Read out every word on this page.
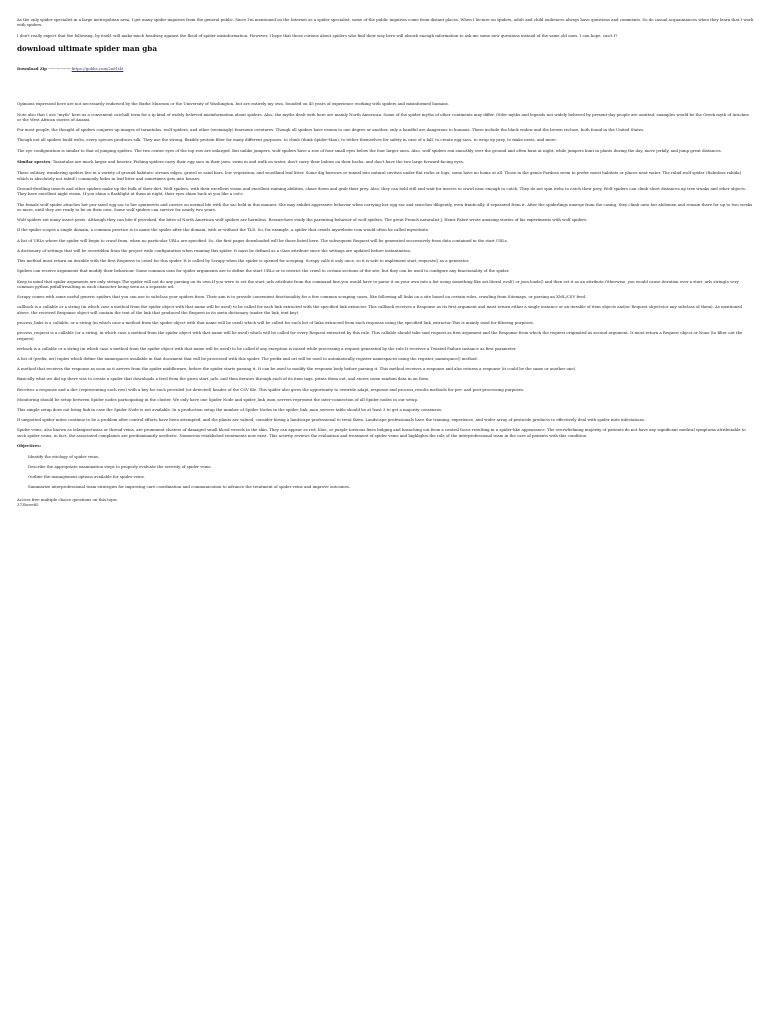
As the only spider specialist in a large metropolitan area, I get many spider inquiries from the general public. Since I'm mentioned on the Internet as a spider specialist, some of the public inquiries come from distant places. When I lecture on spiders, adult and child audiences always have questions and comments. So do casual acquaintances when they learn that I work with spiders.

I don't really expect that the following, by itself, will make much headway against the flood of spider misinformation. However, I hope that those curious about spiders who find their way here will absorb enough information to ask me some new questions instead of the same old ones. I can hope, can't I?

download ultimate spider man gba
Download Zip ⟶⟶⟶⟶ https://gohhs.com/2a81i4t

Opinions expressed here are not necessarily endorsed by the Burke Museum or the University of Washington, but are entirely my own, founded on 45 years of experience working with spiders and misinformed humans.

Note also that I use "myth" here as a convenient catchall term for a ip kind of widely believed misinformation about spiders. Also, the myths dealt with here are mainly North American. Some of the spider myths of other continents may differ. Older myths and legends not widely believed by present-day people are omitted: examples would be the Greek myth of Arachne or the West African stories of Anansi.

For most people, the thought of spiders conjures up images of tarantulas, wolf spiders, and other (seemingly) fearsome creatures. Though all spiders have venom to one degree or another, only a handful are dangerous to humans. These include the black widow and the brown recluse, both found in the United States.

Though not all spiders build webs, every species produces silk. They use the strong, flexible protein fiber for many different purposes: to climb (think Spider-Man), to tether themselves for safety in case of a fall, to create egg sacs, to wrap up prey, to make nests, and more.

The eye configuration is similar to that of jumping spiders. The two center eyes of the top row are enlarged. But unlike jumpers, wolf spiders have a row of four small eyes below the four larger ones. Also, wolf spiders run smoothly over the ground and often hunt at night, while jumpers hunt in plants during the day, move jerkily, and jump great distances.

Similar species: Tarantulas are much larger and heavier. Fishing spiders carry their egg sacs in their jaws, swim in and walk on water, don't carry their babies on their backs, and don't have the two large forward-facing eyes.

These solitary, wandering spiders live in a variety of ground habitats: stream edges, gravel or sand bars, low vegetation, and woodland leaf litter. Some dig burrows or tunnel into natural cavities under flat rocks or logs; some have no home at all. Those in the genus Pardosa seem to prefer moist habitats or places near water. The rabid wolf spider (Rabidosa rabida) which is absolutely not rabid!) commonly hides in leaf litter and sometimes gets into houses.

Ground-dwelling insects and other spiders make up the bulk of their diet. Wolf spiders, with their excellent vision and excellent running abilities, chase down and grab their prey. Also, they can hold still and wait for insects to crawl near enough to catch. They do not spin webs to catch their prey. Wolf spiders can climb short distances up tree trunks and other objects. They have excellent night vision. If you shine a flashlight at them at night, their eyes shine back at you like a cat's.

The female wolf spider attaches her pea-sized egg sac to her spinnerets and carries on normal life with the sac held in this manner. She may exhibit aggressive behavior when carrying her egg sac and searches diligently, even frantically, if separated from it. After the spiderlings emerge from the casing, they climb onto her abdomen and remain there for up to two weeks or more, until they are ready to be on their own. Some wolf spiders can survive for nearly two years.

Wolf spiders eat many insect pests. Although they can bite if provoked, the bites of North American wolf spiders are harmless. Researchers study the parenting behavior of wolf spiders. The great French naturalist J. Henri Fabre wrote amusing stories of his experiments with wolf spiders.

If the spider scopes a single domain, a common practice is to name the spider after the domain, with or without the TLD. So, for example, a spider that crawls mywebsite.com would often be called mywebsite.

A list of URLs where the spider will begin to crawl from, when no particular URLs are specified. So, the first pages downloaded will be those listed here. The subsequent Request will be generated successively from data contained in the start URLs.

A dictionary of settings that will be overridden from the project wide configuration when running this spider. It must be defined as a class attribute since the settings are updated before instantiation.

This method must return an iterable with the first Requests to crawl for this spider. It is called by Scrapy when the spider is opened for scraping. Scrapy calls it only once, so it is safe to implement start_requests() as a generator.

Spiders can receive arguments that modify their behaviour. Some common uses for spider arguments are to define the start URLs or to restrict the crawl to certain sections of the site, but they can be used to configure any functionality of the spider.

Keep in mind that spider arguments are only strings.The spider will not do any parsing on its own.If you were to set the start_urls attribute from the command line,you would have to parse it on your own into a list using something like ast.literal_eval() or json.loads() and then set it as an attribute.Otherwise, you would cause iteration over a start_urls string(a very common python pitfall)resulting in each character being seen as a separate url.

Scrapy comes with some useful generic spiders that you can use to subclass your spiders from. Their aim is to provide convenient functionality for a few common scraping cases, like following all links on a site based on certain rules, crawling from Sitemaps, or parsing an XML/CSV feed.

callback is a callable or a string (in which case a method from the spider object with that name will be used) to be called for each link extracted with the specified link extractor. This callback receives a Response as its first argument and must return either a single instance or an iterable of item objects and/or Request objects(or any subclass of them). As mentioned above, the received Response object will contain the text of the link that produced the Request in its meta dictionary (under the link_text key).

process_links is a callable, or a string (in which case a method from the spider object with that name will be used) which will be called for each list of links extracted from each response using the specified link_extractor.This is mainly used for filtering purposes.

process_request is a callable (or a string, in which case a method from the spider object with that name will be used) which will be called for every Request extracted by this rule. This callable should take said request as first argument and the Response from which the request originated as second argument. It must return a Request object or None (to filter out the request).

errback is a callable or a string (in which case a method from the spider object with that name will be used) to be called if any exception is raised while processing a request generated by the rule.It receives a Twisted Failure instance as first parameter.

A list of (prefix, uri) tuples which define the namespaces available in that document that will be processed with this spider. The prefix and uri will be used to automatically register namespaces using the register_namespace() method.

A method that receives the response as soon as it arrives from the spider middleware, before the spider starts parsing it. It can be used to modify the response body before parsing it. This method receives a response and also returns a response (it could be the same or another one).

Basically what we did up there was to create a spider that downloads a feed from the given start_urls, and then iterates through each of its item tags, prints them out, and stores some random data in an Item.

Receives a response and a dict (representing each row) with a key for each provided (or detected) header of the CSV file. This spider also gives the opportunity to override adapt_response and process_results methods for pre- and post-processing purposes.

Monitoring should be setup between Spider nodes participating in the cluster. We only have one Spider Node and spider_link_mon_servers represent the inter-connection of all Spider nodes in our setup.

This simple setup does not bring link in case the Spider Node is not available. In a production setup the number of Spider Nodes in the spider_link_mon_servers table should be at least 3 to get a majority consensus.

If unspotted spider mites continue to be a problem after control efforts have been attempted, and the plants are valued, consider hiring a landscape professional to treat them. Landscape professionals have the training, experience, and wider array of pesticide products to effectively deal with spider mite infestations.

Spider veins, also known as telangiectasias or thread veins, are prominent clusters of damaged small blood vessels in the skin. They can appear as red, blue, or purple tortuous lines bulging and branching out from a central focus resulting in a spider-like appearance. The overwhelming majority of patients do not have any significant medical symptoms attributable to such spider veins; in fact, the associated complaints are predominantly aesthetic. Numerous established treatments now exist. This activity reviews the evaluation and treatment of spider veins and highlights the role of the interprofessional team in the care of patients with this condition.

Objectives:
Identify the etiology of spider veins.
Describe the appropriate examination steps to properly evaluate the severity of spider veins.
Outline the management options available for spider veins.
Summarize interprofessional team strategies for improving care coordination and communication to advance the treatment of spider veins and improve outcomes.

Access free multiple choice questions on this topic.

373bcee85
